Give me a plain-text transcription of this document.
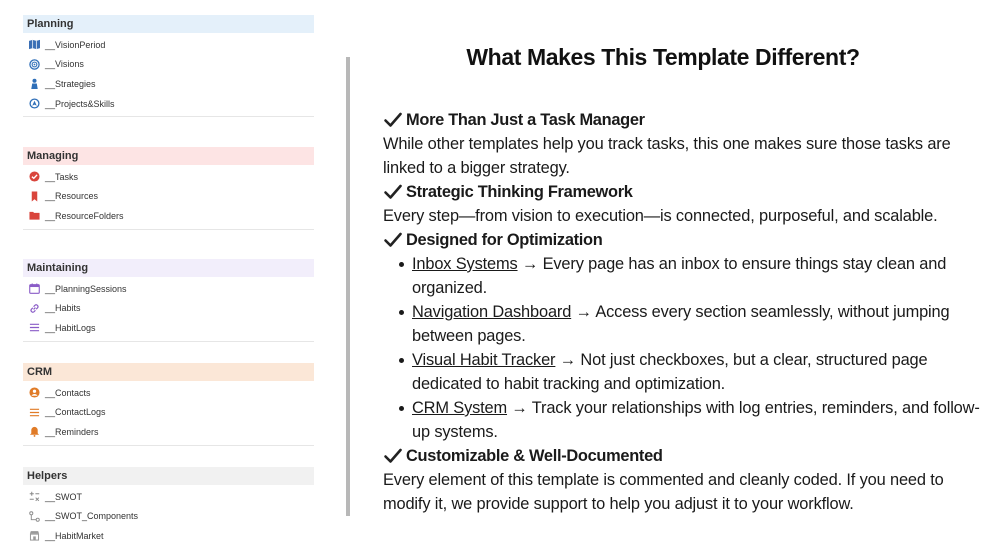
Planning
__VisionPeriod
__Visions
__Strategies
__Projects&Skills
Managing
__Tasks
__Resources
__ResourceFolders
Maintaining
__PlanningSessions
__Habits
__HabitLogs
CRM
__Contacts
__ContactLogs
__Reminders
Helpers
__SWOT
__SWOT_Components
__HabitMarket
What Makes This Template Different?
More Than Just a Task Manager
While other templates help you track tasks, this one makes sure those tasks are linked to a bigger strategy.
Strategic Thinking Framework
Every step—from vision to execution—is connected, purposeful, and scalable.
Designed for Optimization
Inbox Systems → Every page has an inbox to ensure things stay clean and organized.
Navigation Dashboard → Access every section seamlessly, without jumping between pages.
Visual Habit Tracker → Not just checkboxes, but a clear, structured page dedicated to habit tracking and optimization.
CRM System → Track your relationships with log entries, reminders, and follow-up systems.
Customizable & Well-Documented
Every element of this template is commented and cleanly coded. If you need to modify it, we provide support to help you adjust it to your workflow.
